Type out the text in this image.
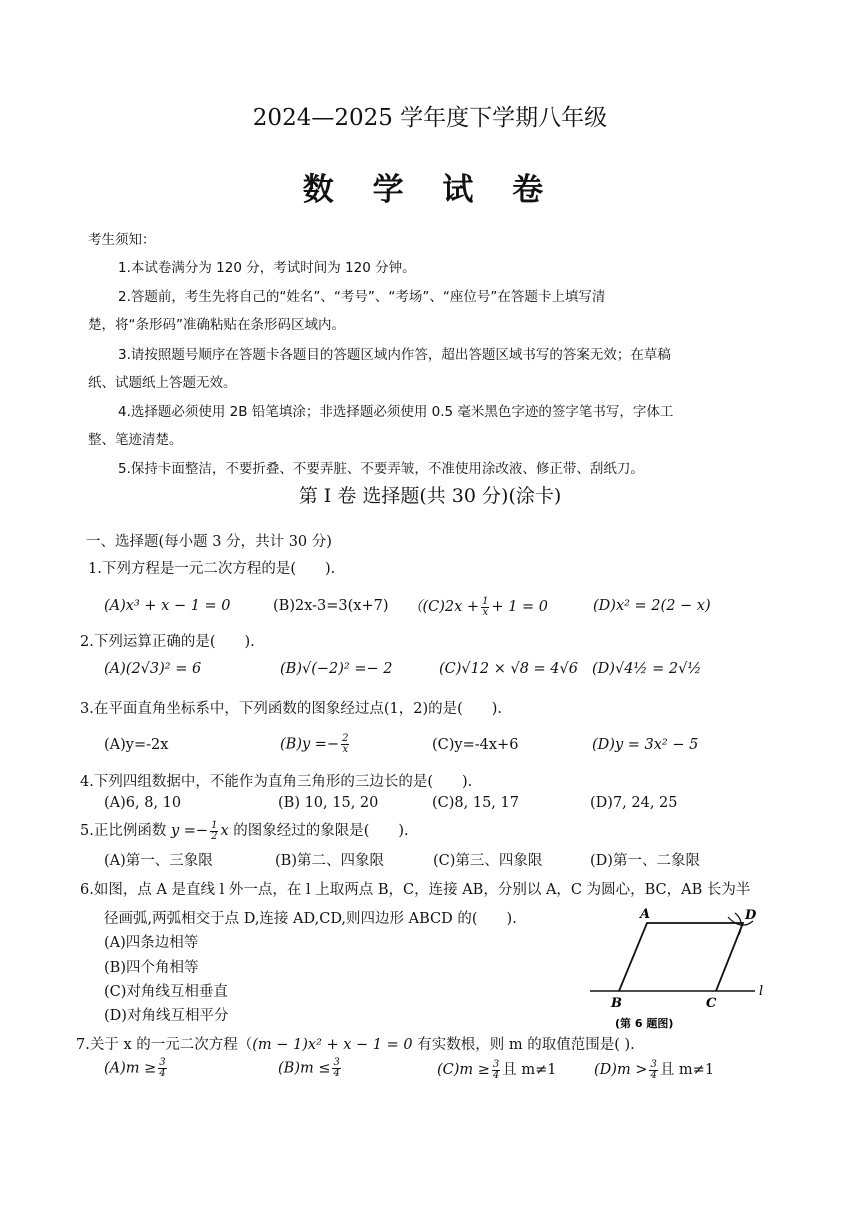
2024—2025 学年度下学期八年级
数 学 试 卷
考生须知：
1.本试卷满分为 120 分，考试时间为 120 分钟。
2.答题前，考生先将自己的“姓名”、“考号”、“考场”、“座位号”在答题卡上填写清
楚，将“条形码”准确粘贴在条形码区域内。
3.请按照题号顺序在答题卡各题目的答题区域内作答，超出答题区域书写的答案无效；在草稿
纸、试题纸上答题无效。
4.选择题必须使用 2B 铅笔填涂；非选择题必须使用 0.5 毫米黑色字迹的签字笔书写，字体工
整、笔迹清楚。
5.保持卡面整洁，不要折叠、不要弄脏、不要弄皱，不准使用涂改液、修正带、刮纸刀。
第 I 卷 选择题(共 30 分)(涂卡)
一、选择题(每小题 3 分，共计 30 分)
1.下列方程是一元二次方程的是(　　).
(A)x³ + x − 1 = 0	(B)2x-3=3(x+7) （$(C)2x + \frac{1}{x} + 1 = 0$	(D)x² = 2(2 − x)
2.下列运算正确的是(　　).
(A)(2√3)² = 6	(B)√(−2)² =− 2	(C)√12 × √8 = 4√6 (D)√4½ = 2√½
3.在平面直角坐标系中，下列函数的图象经过点(1，2)的是(　　).
(A)y=-2x	$(B)y =- \frac{2}{x}$	(C)y=-4x+6	(D)y = 3x² − 5
4.下列四组数据中，不能作为直角三角形的三边长的是(　　).
(A)6, 8, 10	(B) 10, 15, 20	(C)8, 15, 17	(D)7, 24, 25
5.正比例函数 $y =- \frac{1}{2}$ x 的图象经过的象限是(　　).
(A)第一、三象限	(B)第二、四象限	(C)第三、四象限	(D)第一、二象限
6.如图，点 A 是直线 l 外一点，在 l 上取两点 B，C，连接 AB，分别以 A，C 为圆心，BC，AB 长为半
径画弧,两弧相交于点 D,连接 AD,CD,则四边形 ABCD 的(　　).
(A)四条边相等
(B)四个角相等
(C)对角线互相垂直
(D)对角线互相平分
A	D
B	C
l
(第 6 题图)
7.关于 x 的一元二次方程（(m − 1)x² + x − 1 = 0 有实数根，则 m 的取值范围是( ).
$(A)m \ge \frac{3}{4}$	$(B)m \le \frac{3}{4}$	$(C)m \ge \frac{3}{4}$ 且 m≠1	$(D)m > \frac{3}{4}$ 且 m≠1
